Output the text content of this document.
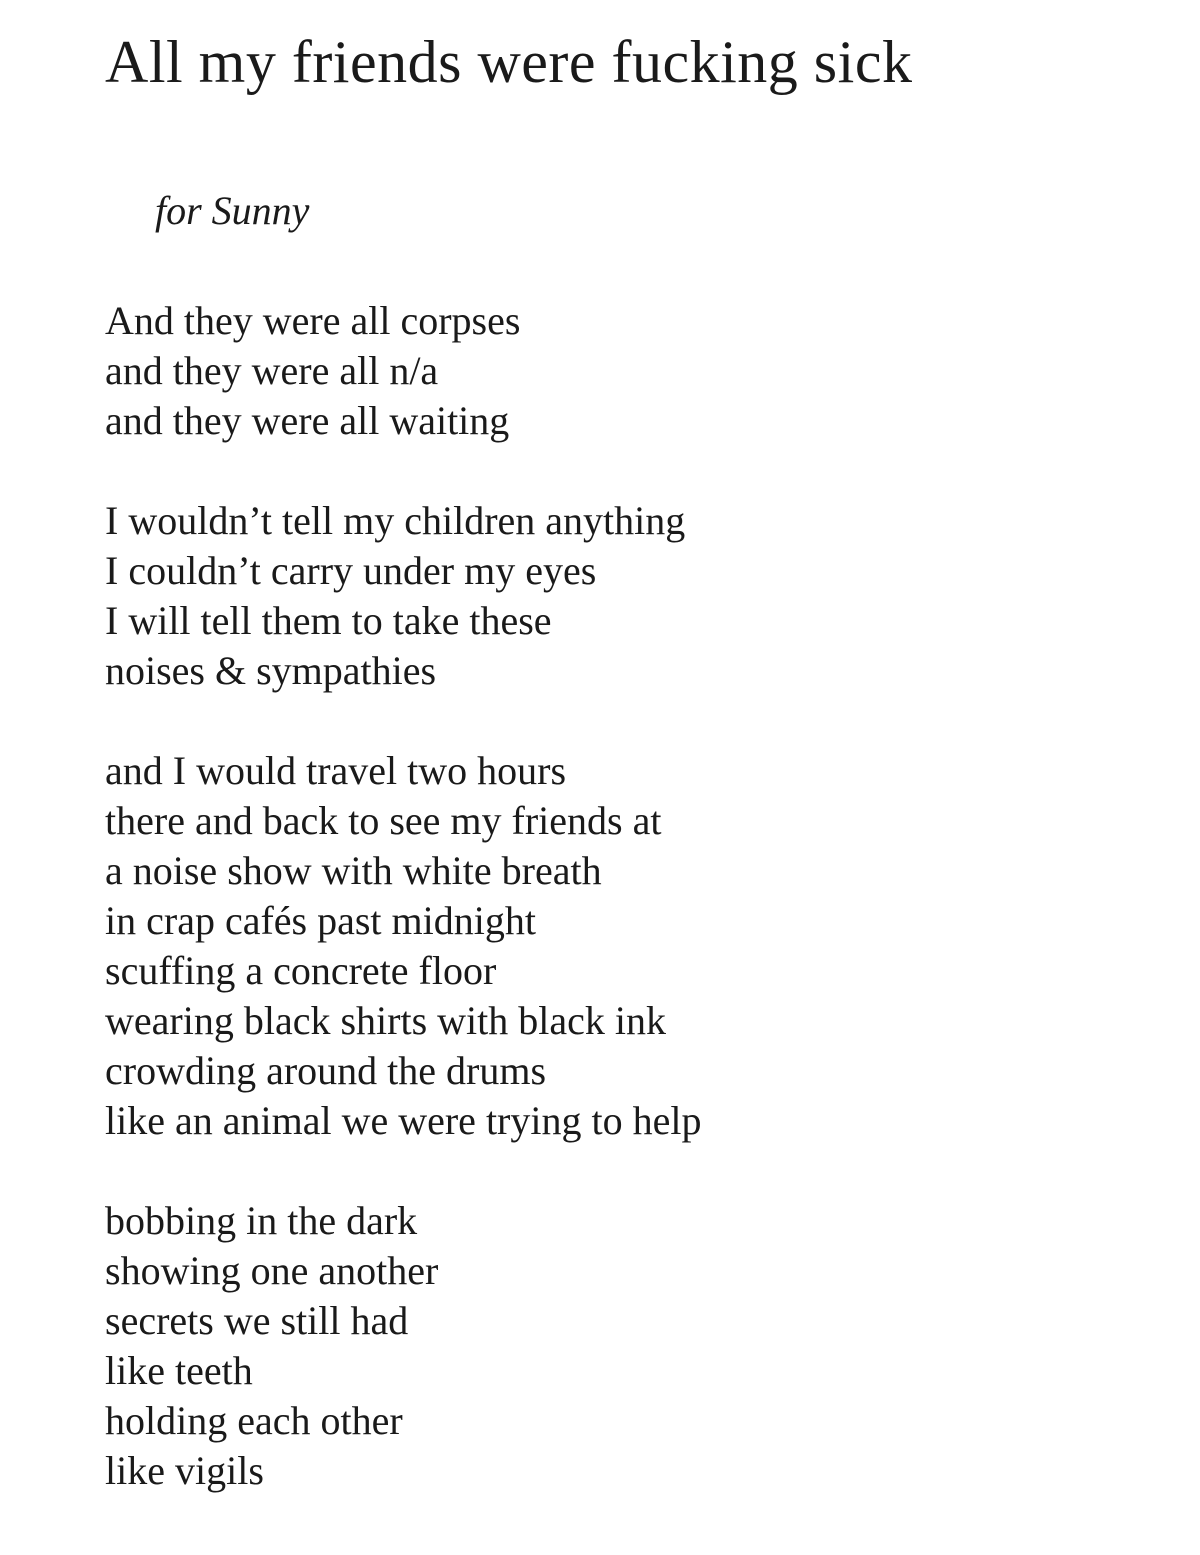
All my friends were fucking sick
for Sunny

And they were all corpses
and they were all n/a
and they were all waiting

I wouldn’t tell my children anything
I couldn’t carry under my eyes
I will tell them to take these
noises & sympathies

and I would travel two hours
there and back to see my friends at
a noise show with white breath
in crap cafés past midnight
scuffing a concrete floor
wearing black shirts with black ink
crowding around the drums
like an animal we were trying to help

bobbing in the dark
showing one another
secrets we still had
like teeth
holding each other
like vigils
